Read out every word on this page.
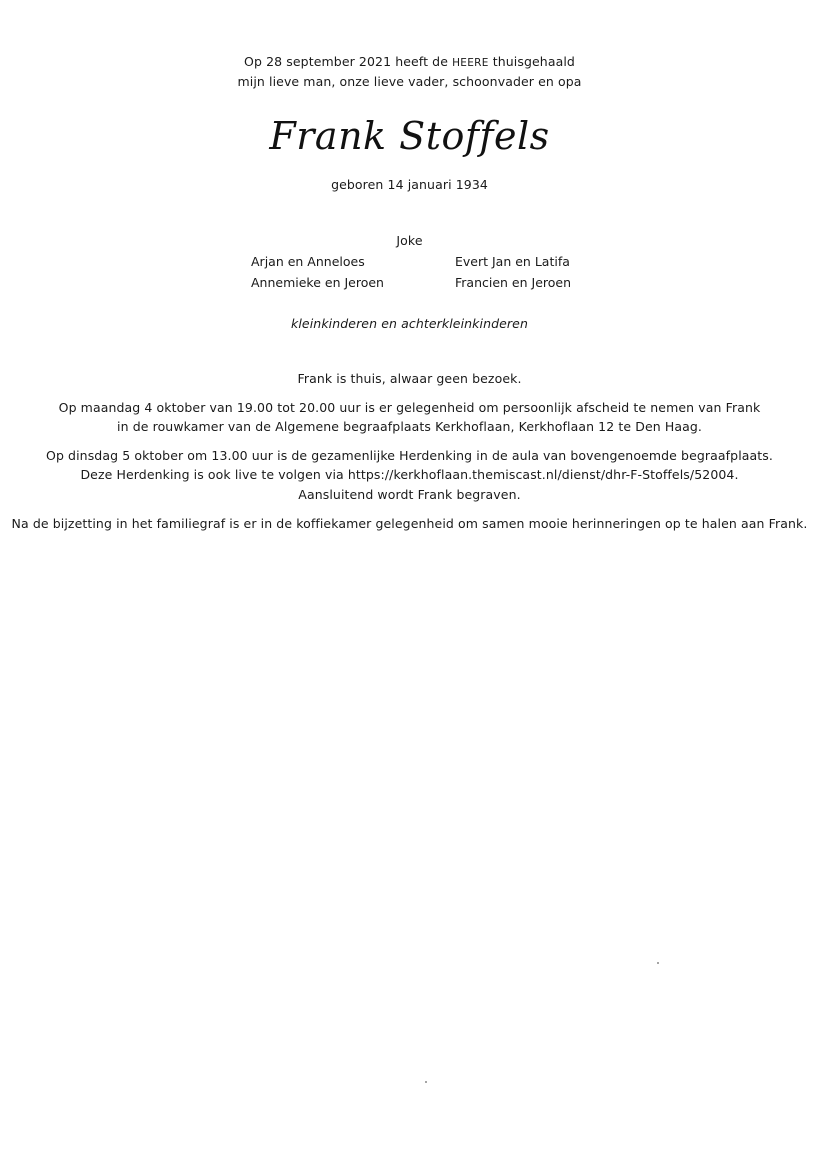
Op 28 september 2021 heeft de HEERE thuisgehaald
mijn lieve man, onze lieve vader, schoonvader en opa
Frank Stoffels
geboren 14 januari 1934
Joke
Arjan en Anneloes	Evert Jan en Latifa
Annemieke en Jeroen	Francien en Jeroen
kleinkinderen en achterkleinkinderen
Frank is thuis, alwaar geen bezoek.
Op maandag 4 oktober van 19.00 tot 20.00 uur is er gelegenheid om persoonlijk afscheid te nemen van Frank
in de rouwkamer van de Algemene begraafplaats Kerkhoflaan, Kerkhoflaan 12 te Den Haag.
Op dinsdag 5 oktober om 13.00 uur is de gezamenlijke Herdenking in de aula van bovengenoemde begraafplaats.
Deze Herdenking is ook live te volgen via https://kerkhoflaan.themiscast.nl/dienst/dhr-F-Stoffels/52004.
Aansluitend wordt Frank begraven.
Na de bijzetting in het familiegraf is er in de koffiekamer gelegenheid om samen mooie herinneringen op te halen aan Frank.
